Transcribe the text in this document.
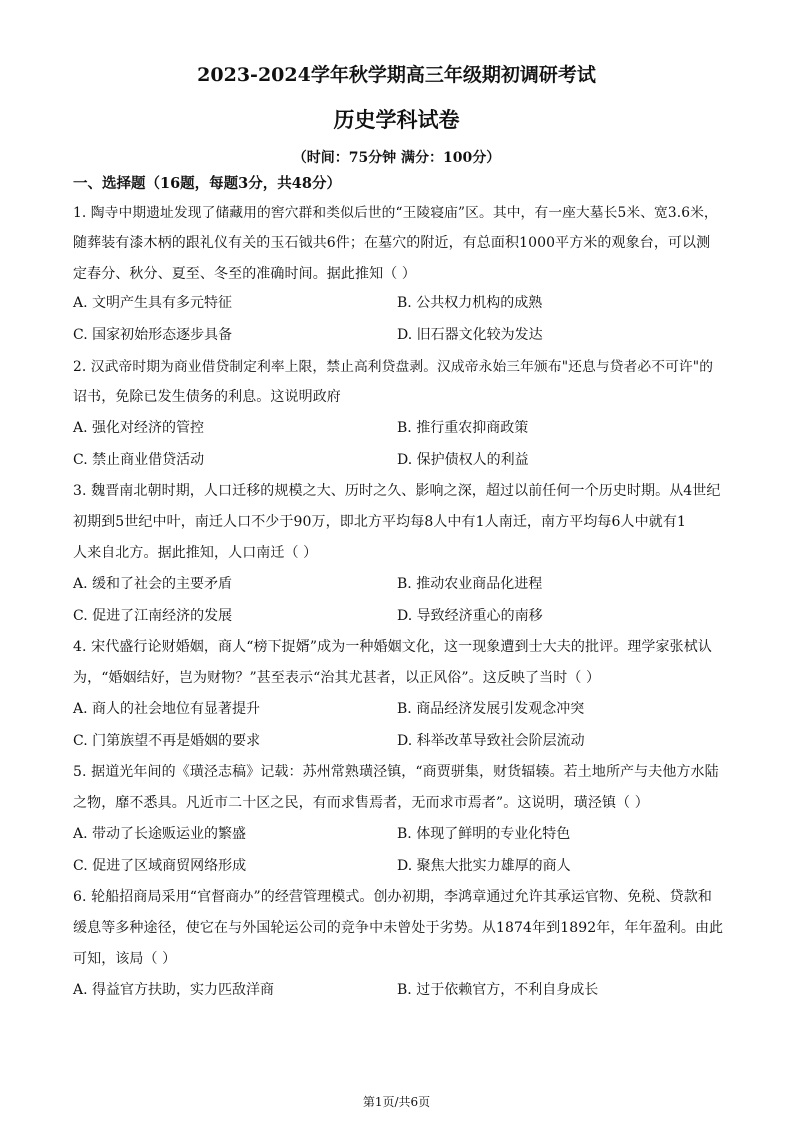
2023-2024学年秋学期高三年级期初调研考试
历史学科试卷
（时间：75分钟 满分：100分）
一、选择题（16题，每题3分，共48分）
1. 陶寺中期遗址发现了储藏用的窖穴群和类似后世的“王陵寝庙”区。其中，有一座大墓长5米、宽3.6米，
随葬装有漆木柄的跟礼仪有关的玉石钺共6件；在墓穴的附近，有总面积1000平方米的观象台，可以测
定春分、秋分、夏至、冬至的准确时间。据此推知（ ）
A. 文明产生具有多元特征	B. 公共权力机构的成熟
C. 国家初始形态逐步具备	D. 旧石器文化较为发达
2. 汉武帝时期为商业借贷制定利率上限，禁止高利贷盘剥。汉成帝永始三年颁布"还息与贷者必不可许"的
诏书，免除已发生债务的利息。这说明政府
A. 强化对经济的管控	B. 推行重农抑商政策
C. 禁止商业借贷活动	D. 保护债权人的利益
3. 魏晋南北朝时期，人口迁移的规模之大、历时之久、影响之深，超过以前任何一个历史时期。从4世纪
初期到5世纪中叶，南迁人口不少于90万，即北方平均每8人中有1人南迁，南方平均每6人中就有1
人来自北方。据此推知，人口南迁（ ）
A. 缓和了社会的主要矛盾	B. 推动农业商品化进程
C. 促进了江南经济的发展	D. 导致经济重心的南移
4. 宋代盛行论财婚姻，商人“榜下捉婿”成为一种婚姻文化，这一现象遭到士大夫的批评。理学家张栻认
为，“婚姻结好，岂为财物？”甚至表示“治其尤甚者，以正风俗”。这反映了当时（ ）
A. 商人的社会地位有显著提升	B. 商品经济发展引发观念冲突
C. 门第族望不再是婚姻的要求	D. 科举改革导致社会阶层流动
5. 据道光年间的《璜泾志稿》记载：苏州常熟璜泾镇，“商贾骈集，财货辐辏。若土地所产与夫他方水陆
之物，靡不悉具。凡近市二十区之民，有而求售焉者，无而求市焉者”。这说明，璜泾镇（ ）
A. 带动了长途贩运业的繁盛	B. 体现了鲜明的专业化特色
C. 促进了区域商贸网络形成	D. 聚焦大批实力雄厚的商人
6. 轮船招商局采用“官督商办”的经营管理模式。创办初期，李鸿章通过允许其承运官物、免税、贷款和
缓息等多种途径，使它在与外国轮运公司的竞争中未曾处于劣势。从1874年到1892年，年年盈利。由此
可知，该局（ ）
A. 得益官方扶助，实力匹敌洋商	B. 过于依赖官方，不利自身成长
第1页/共6页
